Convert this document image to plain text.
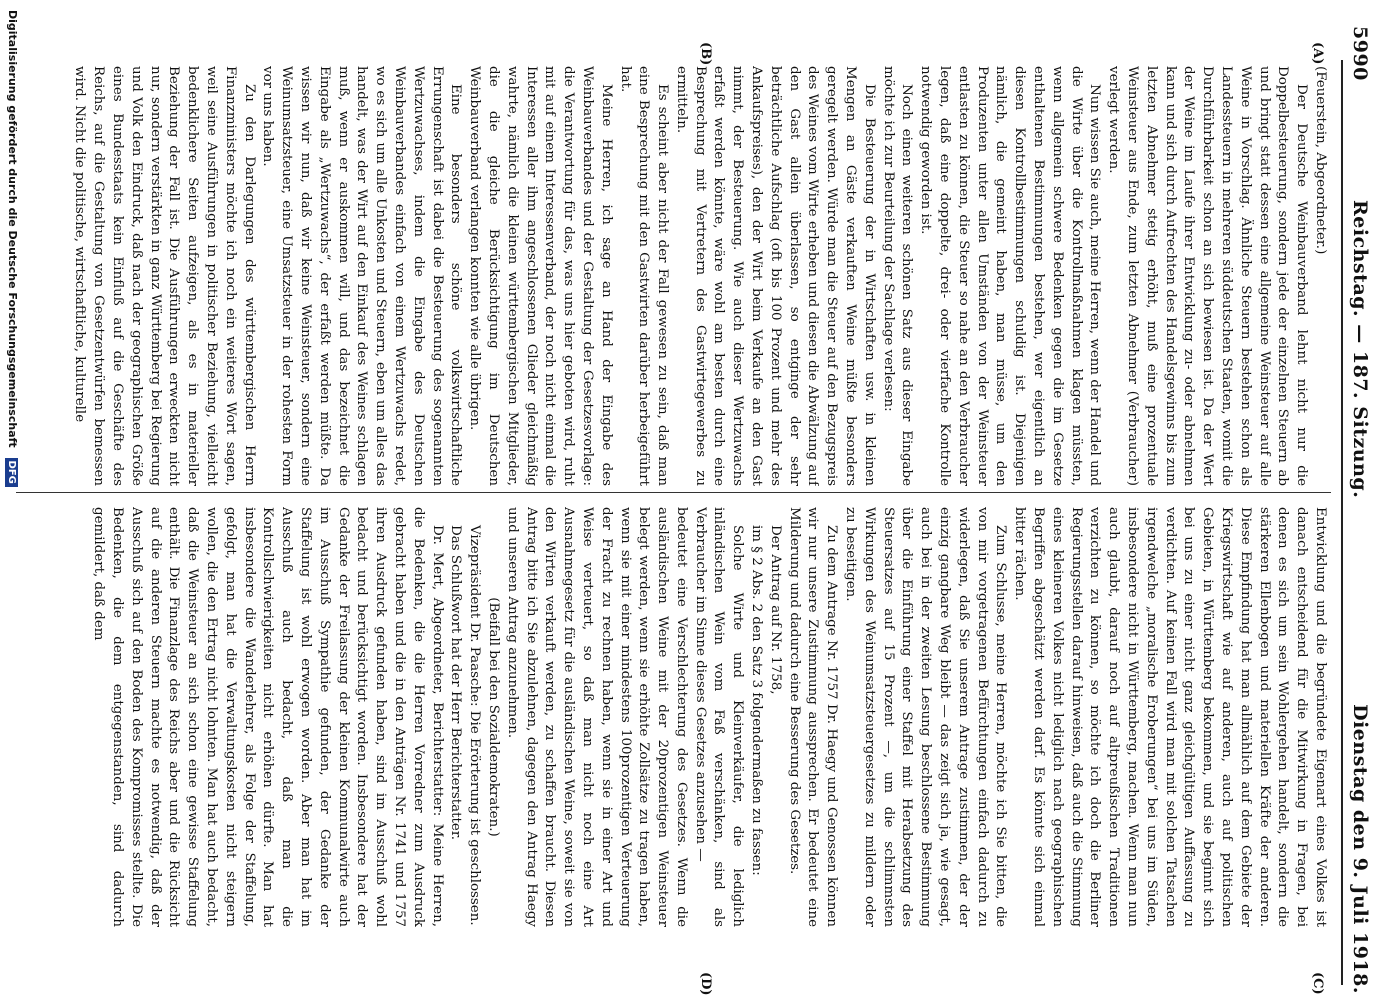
5990
Reichstag. — 187. Sitzung.
Dienstag den 9. Juli 1918.
(A)
(B)
(C)
(D)

(Feuerstein, Abgeordneter.)

Der Deutsche Weinbauverband lehnt nicht nur die Doppelbesteuerung, sondern jede der einzelnen Steuern ab und bringt statt dessen eine allgemeine Weinsteuer auf alle Weine in Vorschlag. Ähnliche Steuern bestehen schon als Landessteuern in mehreren süddeutschen Staaten, womit die Durchführbarkeit schon an sich bewiesen ist. Da der Wert der Weine im Laufe ihrer Entwicklung zu- oder abnehmen kann und sich durch Aufrechten des Handelsgewinns bis zum letzten Abnehmer stetig erhöht, muß eine prozentuale Weinsteuer aus Ende, zum letzten Abnehmer (Verbraucher) verlegt werden.

Nun wissen Sie auch, meine Herren, wenn der Handel und die Wirte über die Kontrollmaßnahmen klagen müssten, wenn allgemein schwere Bedenken gegen die im Gesetze enthaltenen Bestimmungen bestehen, wer eigentlich an diesen Kontrollbestimmungen schuldig ist. Diejenigen nämlich, die gemeint haben, man müsse, um den Produzenten unter allen Umständen von der Weinsteuer entlasten zu können, die Steuer so nahe an den Verbraucher legen, daß eine doppelte, drei- oder vierfache Kontrolle notwendig geworden ist.

Noch einen weiteren schönen Satz aus dieser Eingabe möchte ich zur Beurteilung der Sachlage verlesen:

Die Besteuerung der in Wirtschaften usw. in kleinen Mengen an Gäste verkauften Weine müßte besonders geregelt werden. Würde man die Steuer auf den Bezugspreis des Weines vom Wirte erheben und diesen die Abwälzung auf den Gast allein überlassen, so entginge der sehr beträchtliche Aufschlag (oft bis 100 Prozent und mehr des Ankaufspreises), den der Wirt beim Verkaufe an den Gast nimmt, der Besteuerung. Wie auch dieser Wertzuwachs erfaßt werden könnte, wäre wohl am besten durch eine Besprechung mit Vertretern des Gastwirtegewerbes zu ermitteln.

Es scheint aber nicht der Fall gewesen zu sein, daß man eine Besprechung mit den Gastwirten darüber herbeigeführt hat.

Meine Herren, ich sage an Hand der Eingabe des Weinbauverbandes und der Gestaltung der Gesetzesvorlage: die Verantwortung für das, was uns hier geboten wird, ruht mit auf einem Interessenverband, der noch nicht einmal die Interessen aller ihm angeschlossenen Glieder gleichmäßig wahrte, nämlich die kleinen württembergischen Mitglieder, die die gleiche Berücksichtigung im Deutschen Weinbauverband verlangen konnten wie alle übrigen.

Eine besonders schöne volkswirtschaftliche Errungenschaft ist dabei die Besteuerung des sogenannten Wertzuwachses, indem die Eingabe des Deutschen Weinbauverbandes einfach von einem Wertzuwachs redet, wo es sich um alle Unkosten und Steuern, eben um alles das handelt, was der Wirt auf den Einkauf des Weines schlagen muß, wenn er auskommen will, und das bezeichnet die Eingabe als „Wertzuwachs“, der erfaßt werden müßte. Da wissen wir nun, daß wir keine Weinsteuer, sondern eine Weinumsatzsteuer, eine Umsatzsteuer in der rohesten Form vor uns haben.

Zu den Darlegungen des württembergischen Herrn Finanzministers möchte ich noch ein weiteres Wort sagen, weil seine Ausführungen in politischer Beziehung, vielleicht bedenklichere Seiten aufzeigen, als es in materieller Beziehung der Fall ist. Die Ausführungen erweckten nicht nur, sondern verstärkten in ganz Württemberg bei Regierung und Volk den Eindruck, daß nach der geographischen Größe eines Bundesstaats kein Einfluß auf die Geschäfte des Reichs, auf die Gestaltung von Gesetzentwürfen bemessen wird. Nicht die politische, wirtschaftliche, kulturelle

Entwicklung und die begründete Eigenart eines Volkes ist danach entscheidend für die Mitwirkung in Fragen, bei denen es sich um sein Wohlergehen handelt, sondern die stärkeren Ellenbogen und materiellen Kräfte der anderen. Diese Empfindung hat man allmählich auf dem Gebiete der Kriegswirtschaft wie auf anderen, auch auf politischen Gebieten, in Württemberg bekommen, und sie beginnt sich bei uns zu einer nicht ganz gleichgültigen Auffassung zu verdichten. Auf keinen Fall wird man mit solchen Tatsachen irgendwelche „moralische Eroberungen“ bei uns im Süden, insbesondere nicht in Württemberg, machen. Wenn man nun auch glaubt, darauf noch auf altpreußischen Traditionen verzichten zu können, so möchte ich doch die Berliner Regierungsstellen darauf hinweisen, daß auch die Stimmung eines kleineren Volkes nicht lediglich nach geographischen Begriffen abgeschätzt werden darf. Es könnte sich einmal bitter rächen.

Zum Schlusse, meine Herren, möchte ich Sie bitten, die von mir vorgetragenen Befürchtungen einfach dadurch zu widerlegen, daß Sie unserem Antrage zustimmen, der der einzig gangbare Weg bleibt — das zeigt sich ja, wie gesagt, auch bei in der zweiten Lesung beschlossene Bestimmung über die Einführung einer Staffel mit Herabsetzung des Steuersatzes auf 15 Prozent —, um die schlimmsten Wirkungen des Weinumsatzsteuergesetzes zu mildern oder zu beseitigen.

Zu dem Antrage Nr. 1757 Dr. Haegy und Genossen können wir nur unsere Zustimmung aussprechen. Er bedeutet eine Milderung und dadurch eine Besserung des Gesetzes.

Der Antrag auf Nr. 1758,

im § 2 Abs. 2 den Satz 3 folgendermaßen zu fassen:

Solche Wirte und Kleinverkäufer, die lediglich inländischen Wein vom Faß verschänken, sind als Verbraucher im Sinne dieses Gesetzes anzusehen —

bedeutet eine Verschlechterung des Gesetzes. Wenn die ausländischen Weine mit der 20prozentigen Weinsteuer belegt werden, wenn sie erhöhte Zollsätze zu tragen haben, wenn sie mit einer mindestens 100prozentigen Verteuerung der Fracht zu rechnen haben, wenn sie in einer Art und Weise verteuert, so daß man nicht noch eine Art Ausnahmegesetz für die ausländischen Weine, soweit sie von den Wirten verkauft werden, zu schaffen braucht. Diesen Antrag bitte ich Sie abzulehnen, dagegen den Antrag Haegy und unseren Antrag anzunehmen.

(Beifall bei den Sozialdemokraten.)

Vizepräsident Dr. Paasche: Die Erörterung ist geschlossen.

Das Schlußwort hat der Herr Berichterstatter.

Dr. Mert, Abgeordneter, Berichterstatter: Meine Herren, die Bedenken, die die Herren Vorredner zum Ausdruck gebracht haben und die in den Anträgen Nr. 1741 und 1757 ihren Ausdruck gefunden haben, sind im Ausschuß wohl bedacht und berücksichtigt worden. Insbesondere hat der Gedanke der Freilassung der kleinen Kommunalwirte auch im Ausschuß Sympathie gefunden, der Gedanke der Staffelung ist wohl erwogen worden. Aber man hat im Ausschuß auch bedacht, daß man die Kontrollschwierigkeiten nicht erhöhen dürfte. Man hat insbesondere die Wanderlehrer, als Folge der Staffelung, gefolgt, man hat die Verwaltungskosten nicht steigern wollen, die den Ertrag nicht lohnten. Man hat auch bedacht, daß die Weinsteuer an sich schon eine gewisse Staffelung enthält. Die Finanzlage des Reichs aber und die Rücksicht auf die anderen Steuern machte es notwendig, daß der Ausschuß sich auf den Boden des Kompromisses stellte. Die Bedenken, die dem entgegenstanden, sind dadurch gemildert, daß dem

Digitalisierung gefördert durch die Deutsche Forschungsgemeinschaft DFG
